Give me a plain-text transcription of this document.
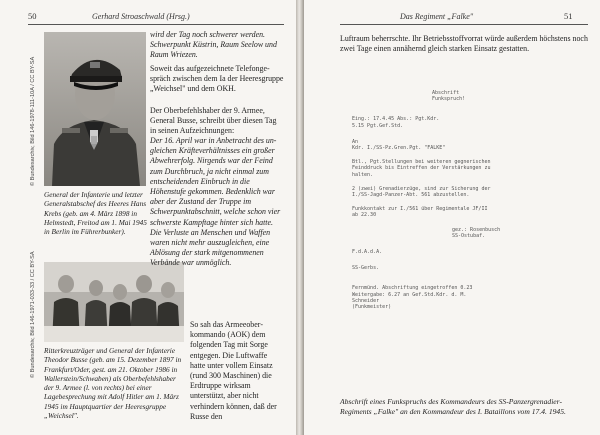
50	Gerhard Stroaschwald (Hrsg.)
© Bundesarchiv, Bild 146-1978-111-10A / CC BY-SA
General der Infanterie und letzter Generalstabschef des Heeres Hans Krebs (geb. am 4. März 1898 in Helmstedt, Freitod am 1. Mai 1945 in Berlin im Führerbunker).
© Bundesarchiv, Bild 146-1971-033-33 / CC BY-SA Ritterkreuzträger und General der Infanterie Theodor Busse (geb. am 15. Dezember 1897 in Frankfurt/Oder, gest. am 21. Oktober 1986 in Wallerstein/Schwaben) als Oberbefehlshaber der 9. Armee (l. von rechts) bei einer Lagebesprechung mit Adolf Hitler am 1. März 1945 im Hauptquartier der Heeresgruppe „Weichsel".
wird der Tag noch schwerer werden. Schwerpunkt Küstrin, Raum Seelow und Raum Wriezen.
Soweit das aufgezeichnete Telefongespräch zwischen dem Ia der Heeresgruppe „Weichsel" und dem OKH.
Der Oberbefehlshaber der 9. Armee, General Busse, schreibt über diesen Tag in seinen Aufzeichnungen:
Der 16. April war in Anbetracht des ungleichen Kräfteverhältnisses ein großer Abwehrerfolg. Nirgends war der Feind zum Durchbruch, ja nicht einmal zum entscheidenden Einbruch in die Höhenstufe gekommen. Bedenklich war aber der Zustand der Truppe im Schwerpunktabschnitt, welche schon vier schwerste Kampftage hinter sich hatte. Die Verluste an Menschen und Waffen waren nicht mehr auszugleichen, eine Ablösung der stark mitgenommenen Verbände war unmöglich.
So sah das Armeeoberkommando (AOK) dem folgenden Tag mit Sorge entgegen. Die Luftwaffe hatte unter vollem Einsatz (rund 300 Maschinen) die Erdtruppe wirksam unterstützt, aber nicht verhindern können, daß der Russe den
Das Regiment „Falke"	51
Luftraum beherrschte. Ihr Betriebsstoffvorrat würde außerdem höchstens noch zwei Tage einen annähernd gleich starken Einsatz gestatten.
Abschrift
Funkspruch!
Eing.: 17.4.45 Abs.: Pgt.Kdr.
5.15 Pgt.Gef.Std.
An
Kdr. I./SS-Pz.Gren.Pgt. "FALKE"
Btl., Pgt.Stellungen bei weiteren gegnerischen
Feinddruck bis Eintreffen der Verstärkungen zu
halten.
2 (zwei) Grenadierzüge, sind zur Sicherung der
I./SS-Jagd-Panzer-Abt. 561 abzustellen.
Funkkontakt zur I./561 über Regimentale JF/II
ab 22.30
gez.: Rosenbusch
SS-Ostubaf.
F.d.A.d.A.
SS-Gerbs.
Fernmünd. Abschriftung eingetroffen 0.23
Weitergabe: 6.27 an Gef.Std.Kdr. d. M.
Schneider
(Funkmeister)
Abschrift eines Funkspruchs des Kommandeurs des SS-Panzergrenadier-Regiments „Falke" an den Kommandeur des I. Bataillons vom 17.4. 1945.
